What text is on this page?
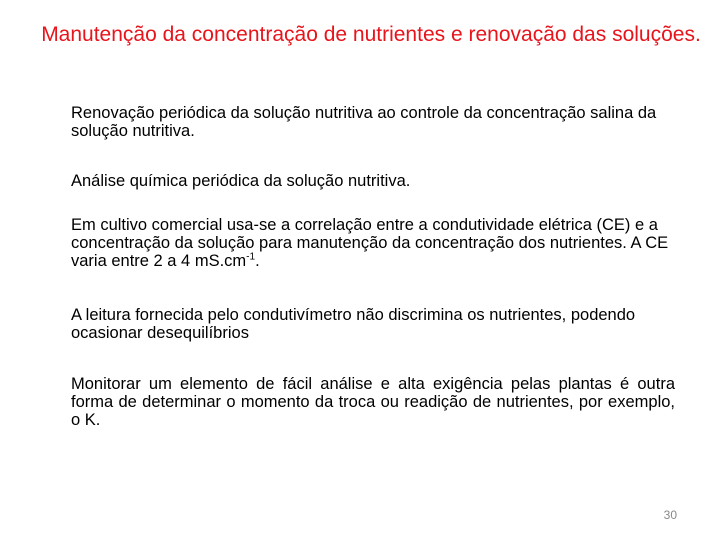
Manutenção da concentração de nutrientes e renovação das soluções.

Renovação periódica da solução nutritiva ao controle da concentração salina da solução nutritiva.

Análise química periódica da solução nutritiva.

Em cultivo comercial usa-se a correlação entre a condutividade elétrica (CE) e a concentração da solução para manutenção da concentração dos nutrientes. A CE varia entre 2 a 4 $mS.cm^{-1}$.

A leitura fornecida pelo condutivímetro não discrimina os nutrientes, podendo ocasionar desequilíbrios

Monitorar um elemento de fácil análise e alta exigência pelas plantas é outra forma de determinar o momento da troca ou readição de nutrientes, por exemplo, o K.

30
